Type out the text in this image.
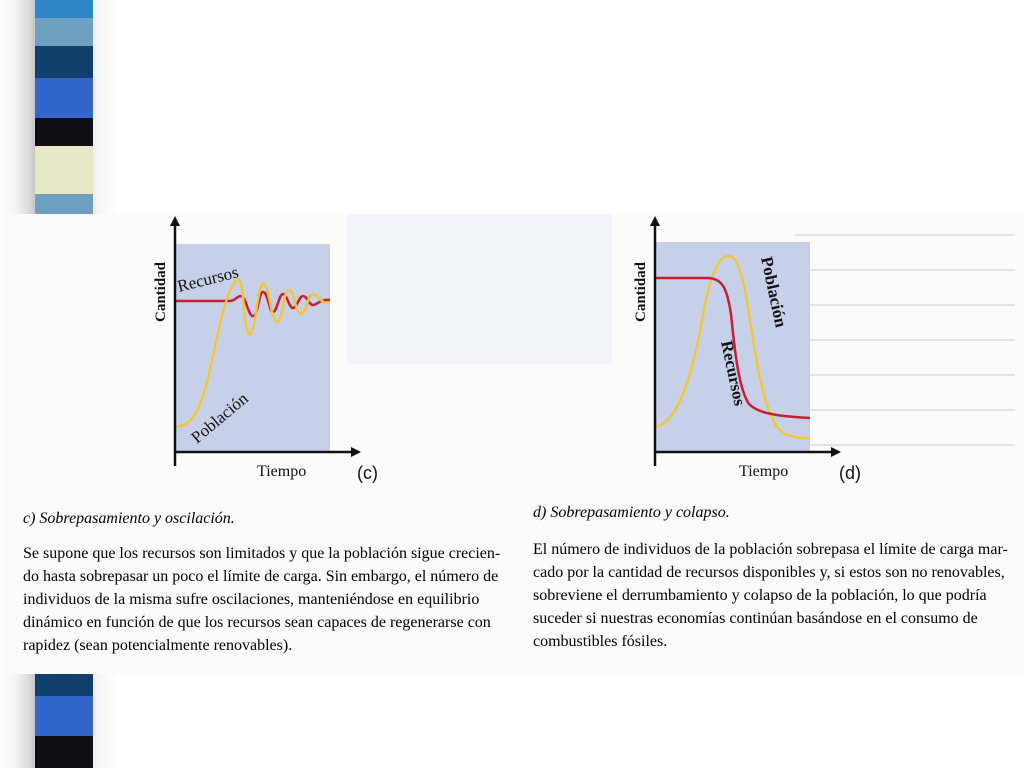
Cantidad
Tiempo	(c)
Recursos
Población
Cantidad
Tiempo	(d)
Población
Recursos
c) Sobrepasamiento y oscilación.
Se supone que los recursos son limitados y que la población sigue crecien-
do hasta sobrepasar un poco el límite de carga. Sin embargo, el número de
individuos de la misma sufre oscilaciones, manteniéndose en equilibrio
dinámico en función de que los recursos sean capaces de regenerarse con
rapidez (sean potencialmente renovables).
d) Sobrepasamiento y colapso.
El número de individuos de la población sobrepasa el límite de carga mar-
cado por la cantidad de recursos disponibles y, si estos son no renovables,
sobreviene el derrumbamiento y colapso de la población, lo que podría
suceder si nuestras economías continúan basándose en el consumo de
combustibles fósiles.
